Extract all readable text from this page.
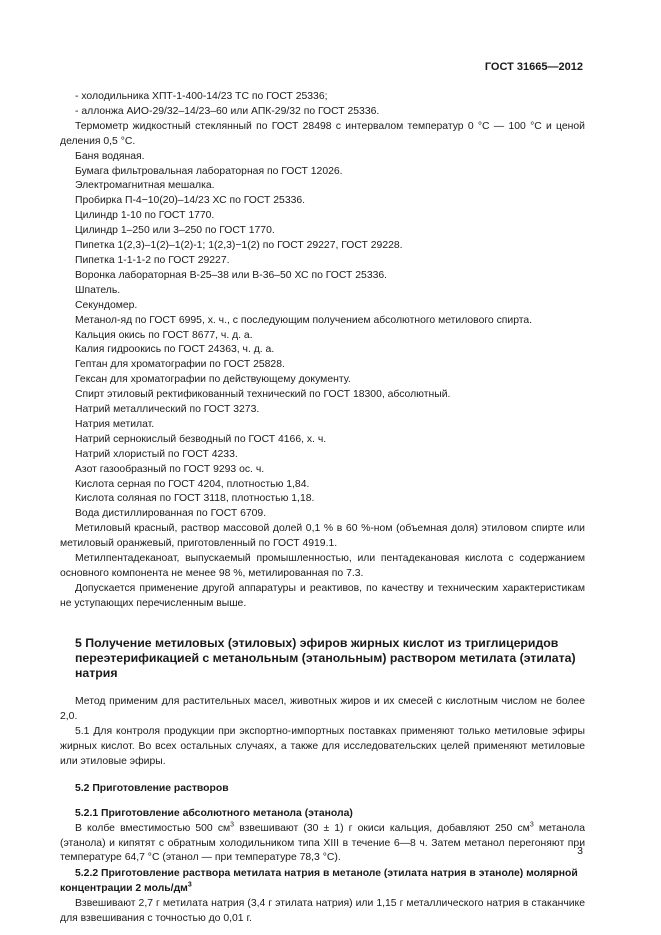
ГОСТ 31665—2012

- холодильника ХПТ-1-400-14/23 ТС по ГОСТ 25336;

- аллонжа АИО-29/32–14/23–60 или АПК-29/32 по ГОСТ 25336.

Термометр жидкостный стеклянный по ГОСТ 28498 с интервалом температур 0 °С — 100 °С и ценой деления 0,5 °С.

Баня водяная.

Бумага фильтровальная лабораторная по ГОСТ 12026.

Электромагнитная мешалка.

Пробирка П-4−10(20)–14/23 ХС по ГОСТ 25336.

Цилиндр 1-10 по ГОСТ 1770.

Цилиндр 1–250 или 3–250 по ГОСТ 1770.

Пипетка 1(2,3)–1(2)–1(2)-1; 1(2,3)−1(2) по ГОСТ 29227, ГОСТ 29228.

Пипетка 1-1-1-2 по ГОСТ 29227.

Воронка лабораторная В-25–38 или В-36–50 ХС по ГОСТ 25336.

Шпатель.

Секундомер.

Метанол-яд по ГОСТ 6995, х. ч., с последующим получением абсолютного метилового спирта.

Кальция окись по ГОСТ 8677, ч. д. а.

Калия гидроокись по ГОСТ 24363, ч. д. а.

Гептан для хроматографии по ГОСТ 25828.

Гексан для хроматографии по действующему документу.

Спирт этиловый ректификованный технический по ГОСТ 18300, абсолютный.

Натрий металлический по ГОСТ 3273.

Натрия метилат.

Натрий сернокислый безводный по ГОСТ 4166, х. ч.

Натрий хлористый по ГОСТ 4233.

Азот газообразный по ГОСТ 9293 ос. ч.

Кислота серная по ГОСТ 4204, плотностью 1,84.

Кислота соляная по ГОСТ 3118, плотностью 1,18.

Вода дистиллированная по ГОСТ 6709.

Метиловый красный, раствор массовой долей 0,1 % в 60 %-ном (объемная доля) этиловом спирте или метиловый оранжевый, приготовленный по ГОСТ 4919.1.

Метилпентадеканоат, выпускаемый промышленностью, или пентадекановая кислота с содержанием основного компонента не менее 98 %, метилированная по 7.3.

Допускается применение другой аппаратуры и реактивов, по качеству и техническим характеристикам не уступающих перечисленным выше.

5 Получение метиловых (этиловых) эфиров жирных кислот из триглицеридов переэтерификацией с метанольным (этанольным) раствором метилата (этилата) натрия

Метод применим для растительных масел, животных жиров и их смесей с кислотным числом не более 2,0.

5.1 Для контроля продукции при экспортно-импортных поставках применяют только метиловые эфиры жирных кислот. Во всех остальных случаях, а также для исследовательских целей применяют метиловые или этиловые эфиры.

5.2 Приготовление растворов

5.2.1 Приготовление абсолютного метанола (этанола)

В колбе вместимостью 500 $см^3$ взвешивают (30 ± 1) г окиси кальция, добавляют 250 $см^3$ метанола (этанола) и кипятят с обратным холодильником типа XIII в течение 6—8 ч. Затем метанол перегоняют при температуре 64,7 °С (этанол — при температуре 78,3 °С).

5.2.2 Приготовление раствора метилата натрия в метаноле (этилата натрия в этаноле) молярной концентрации 2 моль/$дм^3$

Взвешивают 2,7 г метилата натрия (3,4 г этилата натрия) или 1,15 г металлического натрия в стаканчике для взвешивания с точностью до 0,01 г.

3
